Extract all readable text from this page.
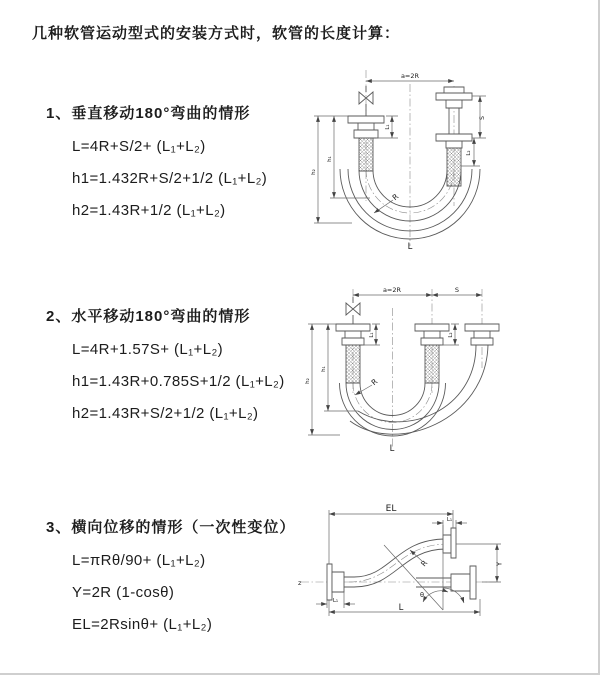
几种软管运动型式的安装方式时，软管的长度计算：
1、垂直移动180°弯曲的情形
L=4R+S/2+ (L₁+L₂)
h1=1.432R+S/2+1/2 (L₁+L₂)
h2=1.43R+1/2 (L₁+L₂)
a=2R
L₁
h₁
h₂
S
L₂
R
L
2、水平移动180°弯曲的情形
L=4R+1.57S+ (L₁+L₂)
h1=1.43R+0.785S+1/2 (L₁+L₂)
h2=1.43R+S/2+1/2 (L₁+L₂)
a=2R	S
h₁
h₂
L₁	L₂
R
L
3、横向位移的情形（一次性变位）
L=πRθ/90+ (L₁+L₂)
Y=2R (1-cosθ)
EL=2Rsinθ+ (L₁+L₂)
z
EL
L₁
Y
θ
R
L₁
L
